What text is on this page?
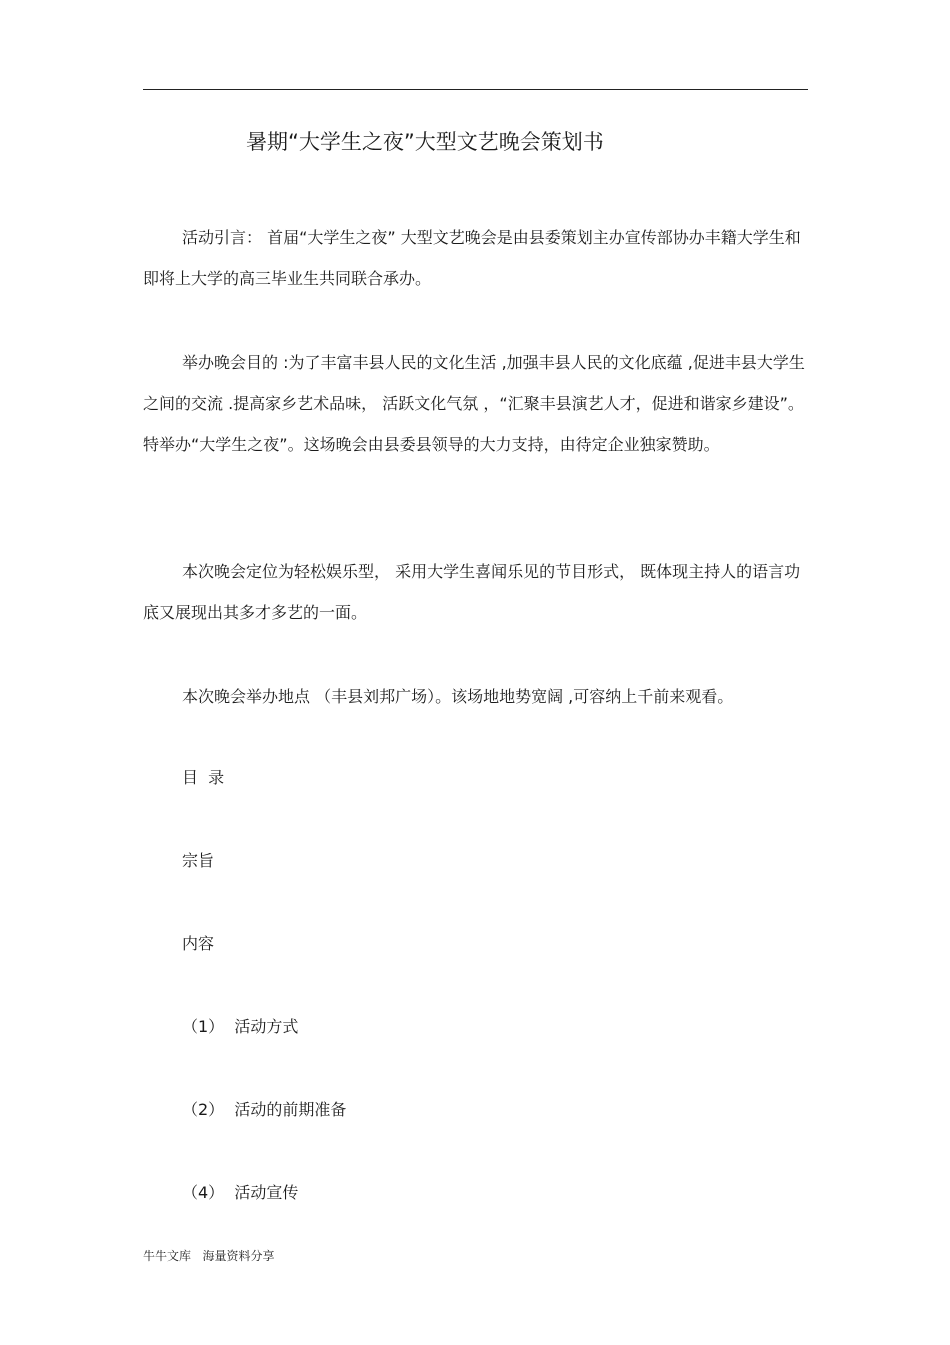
暑期“大学生之夜”大型文艺晚会策划书

活动引言： 首届“大学生之夜” 大型文艺晚会是由县委策划主办宣传部协办丰籍大学生和即将上大学的高三毕业生共同联合承办。

举办晚会目的 :为了丰富丰县人民的文化生活 ,加强丰县人民的文化底蕴 ,促进丰县大学生之间的交流 .提高家乡艺术品味， 活跃文化气氛 ，“汇聚丰县演艺人才，促进和谐家乡建设”。特举办“大学生之夜”。这场晚会由县委县领导的大力支持，由待定企业独家赞助。

本次晚会定位为轻松娱乐型， 采用大学生喜闻乐见的节目形式， 既体现主持人的语言功底又展现出其多才多艺的一面。

本次晚会举办地点 （丰县刘邦广场）。该场地地势宽阔 ,可容纳上千前来观看。

目  录
宗旨
内容
（1）  活动方式
（2）  活动的前期准备
（4）  活动宣传
牛牛文库   海量资料分享
